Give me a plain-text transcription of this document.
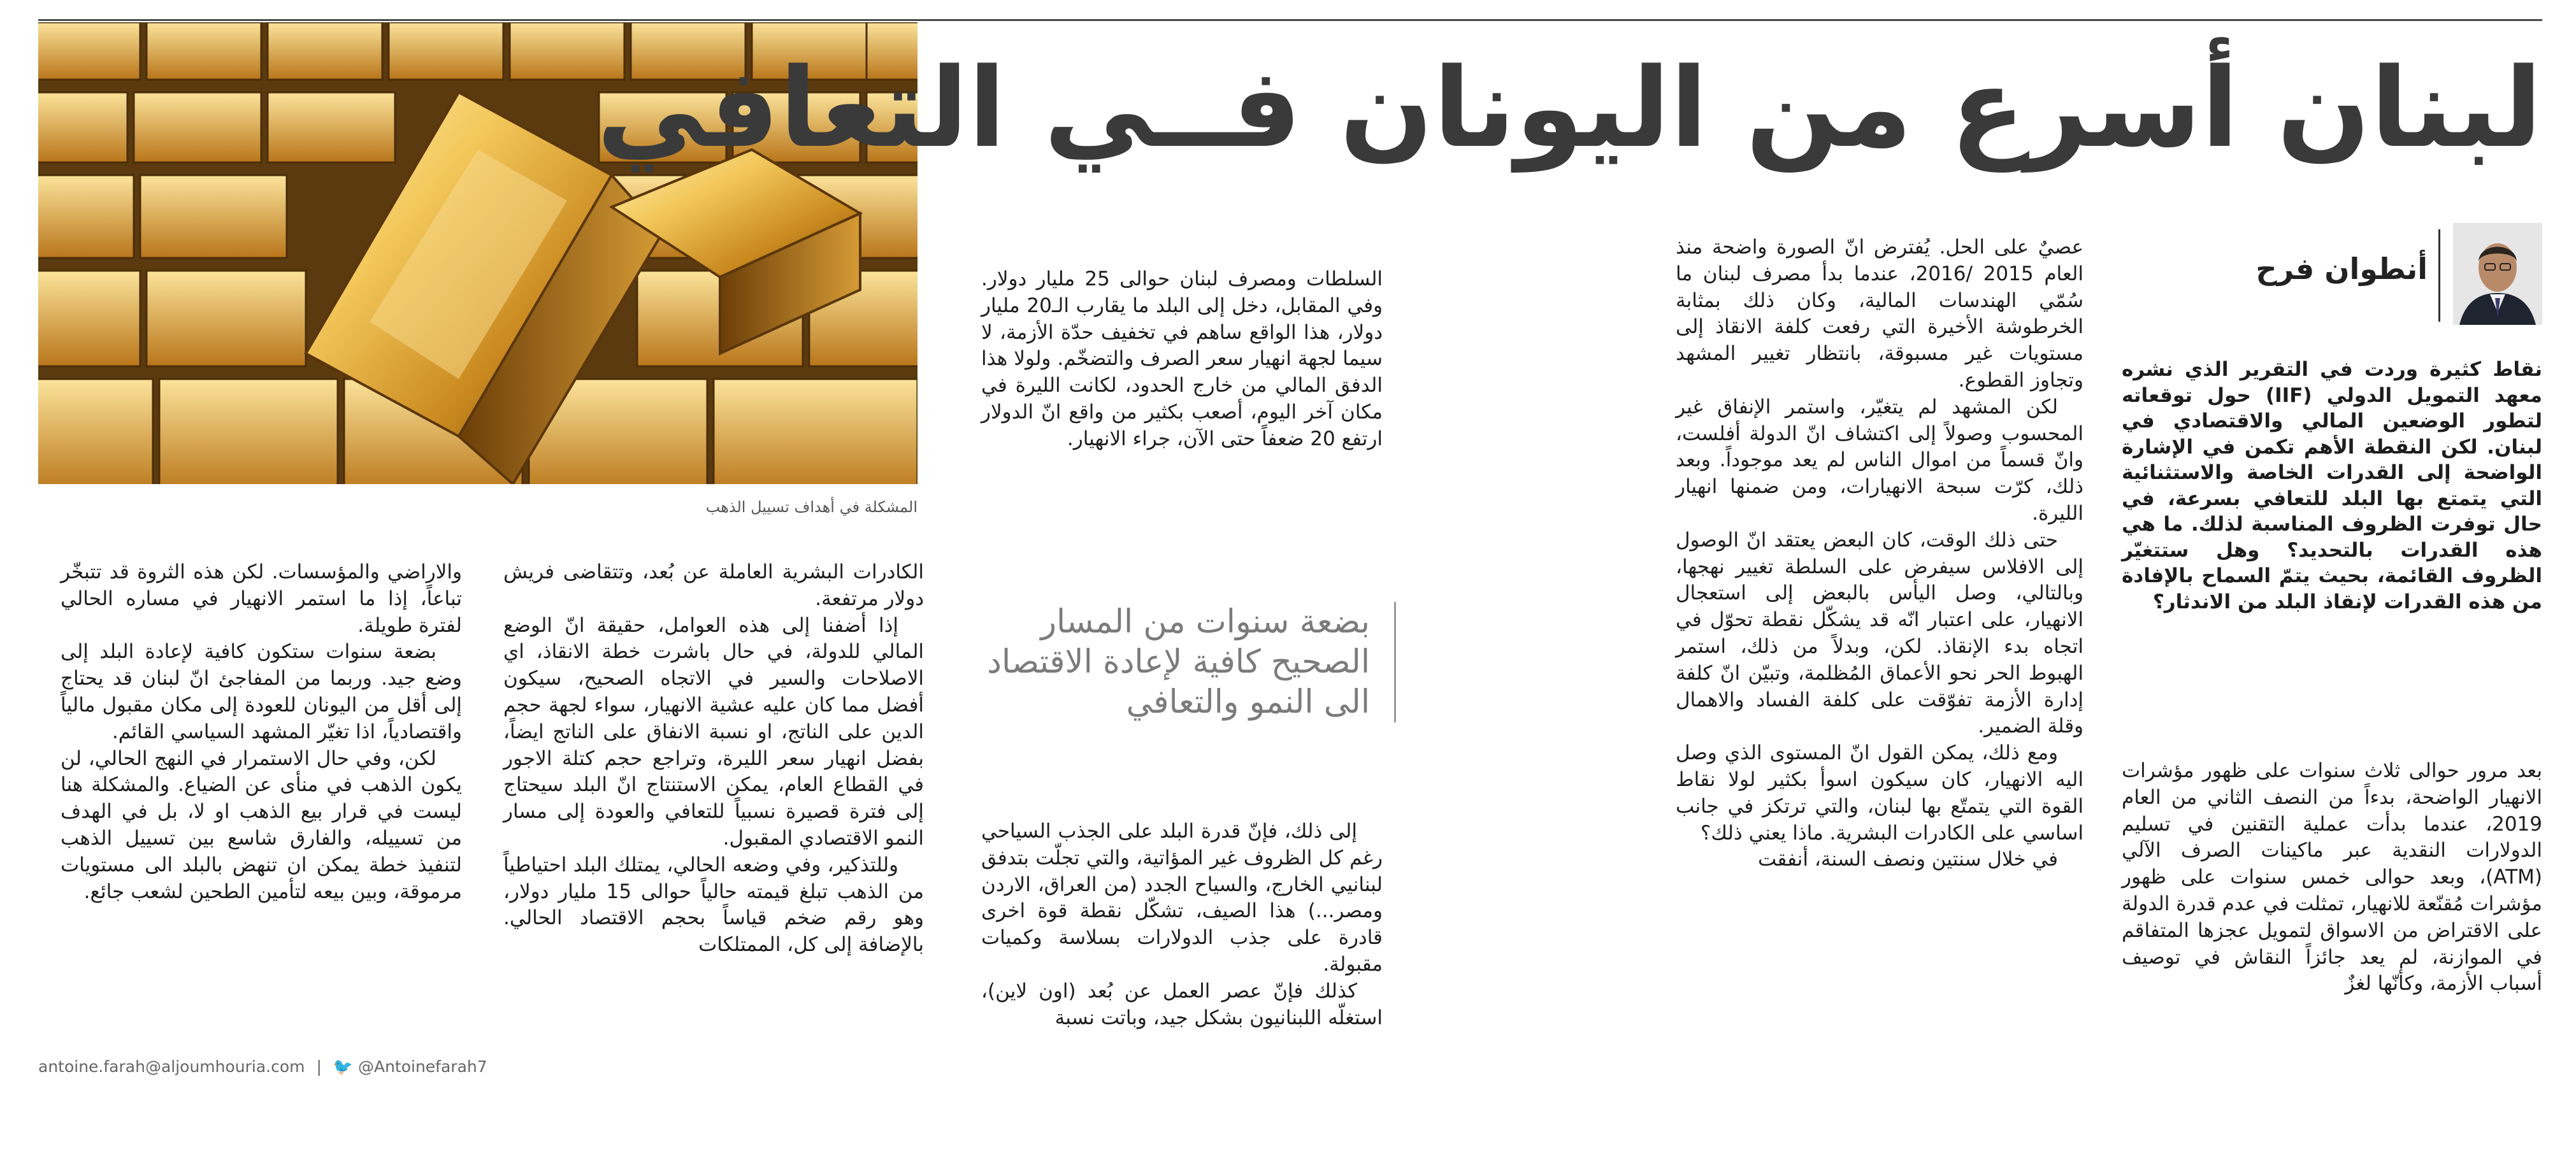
المشكلة في أهداف تسييل الذهب
لبنان أسرع من اليونان فــي التعافي
أنطوان فرح
نقاط كثيرة وردت في التقرير الذي نشره معهد التمويل الدولي (IIF) حول توقعاته لتطور الوضعين المالي والاقتصادي في لبنان. لكن النقطة الأهم تكمن في الإشارة الواضحة إلى القدرات الخاصة والاستثنائية التي يتمتع بها البلد للتعافي بسرعة، في حال توفرت الظروف المناسبة لذلك. ما هي هذه القدرات بالتحديد؟ وهل ستتغيّر الظروف القائمة، بحيث يتمّ السماح بالإفادة من هذه القدرات لإنقاذ البلد من الاندثار؟

بعد مرور حوالى ثلاث سنوات على ظهور مؤشرات الانهيار الواضحة، بدءاً من النصف الثاني من العام 2019، عندما بدأت عملية التقنين في تسليم الدولارات النقدية عبر ماكينات الصرف الآلي (ATM)، وبعد حوالى خمس سنوات على ظهور مؤشرات مُقنّعة للانهيار، تمثلت في عدم قدرة الدولة على الاقتراض من الاسواق لتمويل عجزها المتفاقم في الموازنة، لم يعد جائزاً النقاش في توصيف أسباب الأزمة، وكأنّها لغزٌ

عصيٌ على الحل. يُفترض انّ الصورة واضحة منذ العام 2015 /2016، عندما بدأ مصرف لبنان ما سُمّي الهندسات المالية، وكان ذلك بمثابة الخرطوشة الأخيرة التي رفعت كلفة الانقاذ إلى مستويات غير مسبوقة، بانتظار تغيير المشهد وتجاوز القطوع.

لكن المشهد لم يتغيّر، واستمر الإنفاق غير المحسوب وصولاً إلى اكتشاف انّ الدولة أفلست، وانّ قسماً من اموال الناس لم يعد موجوداً. وبعد ذلك، كرّت سبحة الانهيارات، ومن ضمنها انهيار الليرة.

حتى ذلك الوقت، كان البعض يعتقد انّ الوصول إلى الافلاس سيفرض على السلطة تغيير نهجها، وبالتالي، وصل اليأس بالبعض إلى استعجال الانهيار، على اعتبار انّه قد يشكّل نقطة تحوّل في اتجاه بدء الإنقاذ. لكن، وبدلاً من ذلك، استمر الهبوط الحر نحو الأعماق المُظلمة، وتبيّن انّ كلفة إدارة الأزمة تفوّقت على كلفة الفساد والاهمال وقلة الضمير.

ومع ذلك، يمكن القول انّ المستوى الذي وصل اليه الانهيار، كان سيكون اسوأ بكثير لولا نقاط القوة التي يتمتّع بها لبنان، والتي ترتكز في جانب اساسي على الكادرات البشرية. ماذا يعني ذلك؟

في خلال سنتين ونصف السنة، أنفقت

السلطات ومصرف لبنان حوالى 25 مليار دولار. وفي المقابل، دخل إلى البلد ما يقارب الـ20 مليار دولار، هذا الواقع ساهم في تخفيف حدّة الأزمة، لا سيما لجهة انهيار سعر الصرف والتضخّم. ولولا هذا الدفق المالي من خارج الحدود، لكانت الليرة في مكان آخر اليوم، أصعب بكثير من واقع انّ الدولار ارتفع 20 ضعفاً حتى الآن، جراء الانهيار.

بضعة سنوات من المسار الصحيح كافية لإعادة الاقتصاد الى النمو والتعافي

إلى ذلك، فإنّ قدرة البلد على الجذب السياحي رغم كل الظروف غير المؤاتية، والتي تجلّت بتدفق لبنانيي الخارج، والسياح الجدد (من العراق، الاردن ومصر...) هذا الصيف، تشكّل نقطة قوة اخرى قادرة على جذب الدولارات بسلاسة وكميات مقبولة.

كذلك فإنّ عصر العمل عن بُعد (اون لاين)، استغلّه اللبنانيون بشكل جيد، وباتت نسبة

الكادرات البشرية العاملة عن بُعد، وتتقاضى فريش دولار مرتفعة.

إذا أضفنا إلى هذه العوامل، حقيقة انّ الوضع المالي للدولة، في حال باشرت خطة الانقاذ، اي الاصلاحات والسير في الاتجاه الصحيح، سيكون أفضل مما كان عليه عشية الانهيار، سواء لجهة حجم الدين على الناتج، او نسبة الانفاق على الناتج ايضاً، بفضل انهيار سعر الليرة، وتراجع حجم كتلة الاجور في القطاع العام، يمكن الاستنتاج انّ البلد سيحتاج إلى فترة قصيرة نسبياً للتعافي والعودة إلى مسار النمو الاقتصادي المقبول.

وللتذكير، وفي وضعه الحالي، يمتلك البلد احتياطياً من الذهب تبلغ قيمته حالياً حوالى 15 مليار دولار، وهو رقم ضخم قياساً بحجم الاقتصاد الحالي. بالإضافة إلى كل، الممتلكات

والاراضي والمؤسسات. لكن هذه الثروة قد تتبخّر تباعاً، إذا ما استمر الانهيار في مساره الحالي لفترة طويلة.

بضعة سنوات ستكون كافية لإعادة البلد إلى وضع جيد. وربما من المفاجئ انّ لبنان قد يحتاج إلى أقل من اليونان للعودة إلى مكان مقبول مالياً واقتصادياً، اذا تغيّر المشهد السياسي القائم.

لكن، وفي حال الاستمرار في النهج الحالي، لن يكون الذهب في منأى عن الضياع. والمشكلة هنا ليست في قرار بيع الذهب او لا، بل في الهدف من تسييله، والفارق شاسع بين تسييل الذهب لتنفيذ خطة يمكن ان تنهض بالبلد الى مستويات مرموقة، وبين بيعه لتأمين الطحين لشعب جائع.

antoine.farah@aljoumhouria.com | 🐦 @Antoinefarah7
